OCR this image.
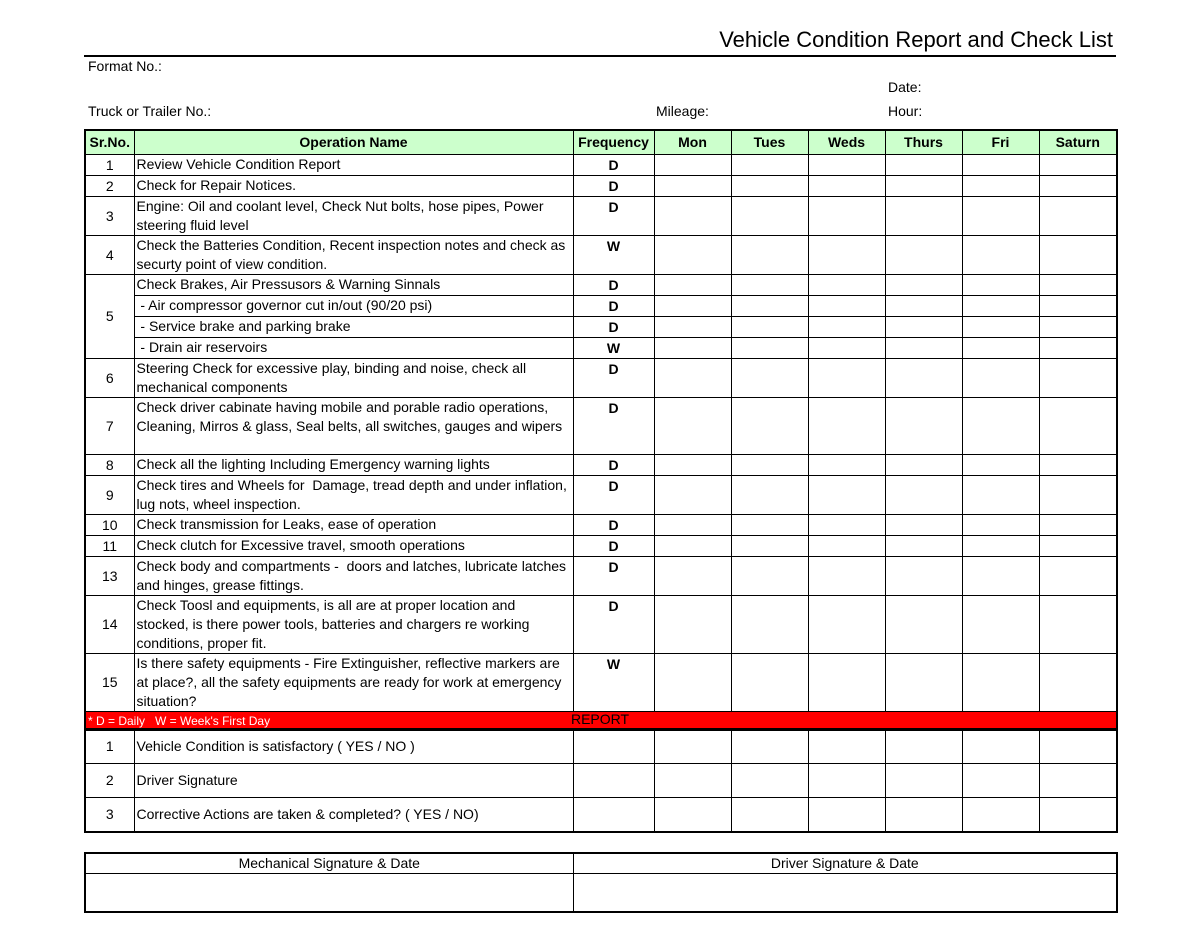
Vehicle Condition Report and Check List
Format No.:
Date:
Truck or Trailer No.:	Mileage:	Hour:
Sr.No.	Operation Name	Frequency	Mon	Tues	Weds	Thurs	Fri	Saturn
1	Review Vehicle Condition Report	D						
2	Check for Repair Notices.	D						
3	Engine: Oil and coolant level, Check Nut bolts, hose pipes, Power steering fluid level	D						
4	Check the Batteries Condition, Recent inspection notes and check as securty point of view condition.	W						
5	Check Brakes, Air Pressusors & Warning Sinnals	D						
	- Air compressor governor cut in/out (90/20 psi)	D						
	- Service brake and parking brake	D						
	- Drain air reservoirs	W						
6	Steering Check for excessive play, binding and noise, check all mechanical components	D						
7	Check driver cabinate having mobile and porable radio operations, Cleaning, Mirros & glass, Seal belts, all switches, gauges and wipers	D						
8	Check all the lighting Including Emergency warning lights	D						
9	Check tires and Wheels for  Damage, tread depth and under inflation, lug nots, wheel inspection.	D						
10	Check transmission for Leaks, ease of operation	D						
11	Check clutch for Excessive travel, smooth operations	D						
13	Check body and compartments -  doors and latches, lubricate latches and hinges, grease fittings.	D						
14	Check Toosl and equipments, is all are at proper location and stocked, is there power tools, batteries and chargers re working conditions, proper fit.	D						
15	Is there safety equipments - Fire Extinguisher, reflective markers are at place?, all the safety equipments are ready for work at emergency situation?	W						
* D = Daily   W = Week's First Day									REPORT
1	Vehicle Condition is satisfactory ( YES / NO )							
2	Driver Signature							
3	Corrective Actions are taken & completed? ( YES / NO)							
Mechanical Signature & Date	Driver Signature & Date
